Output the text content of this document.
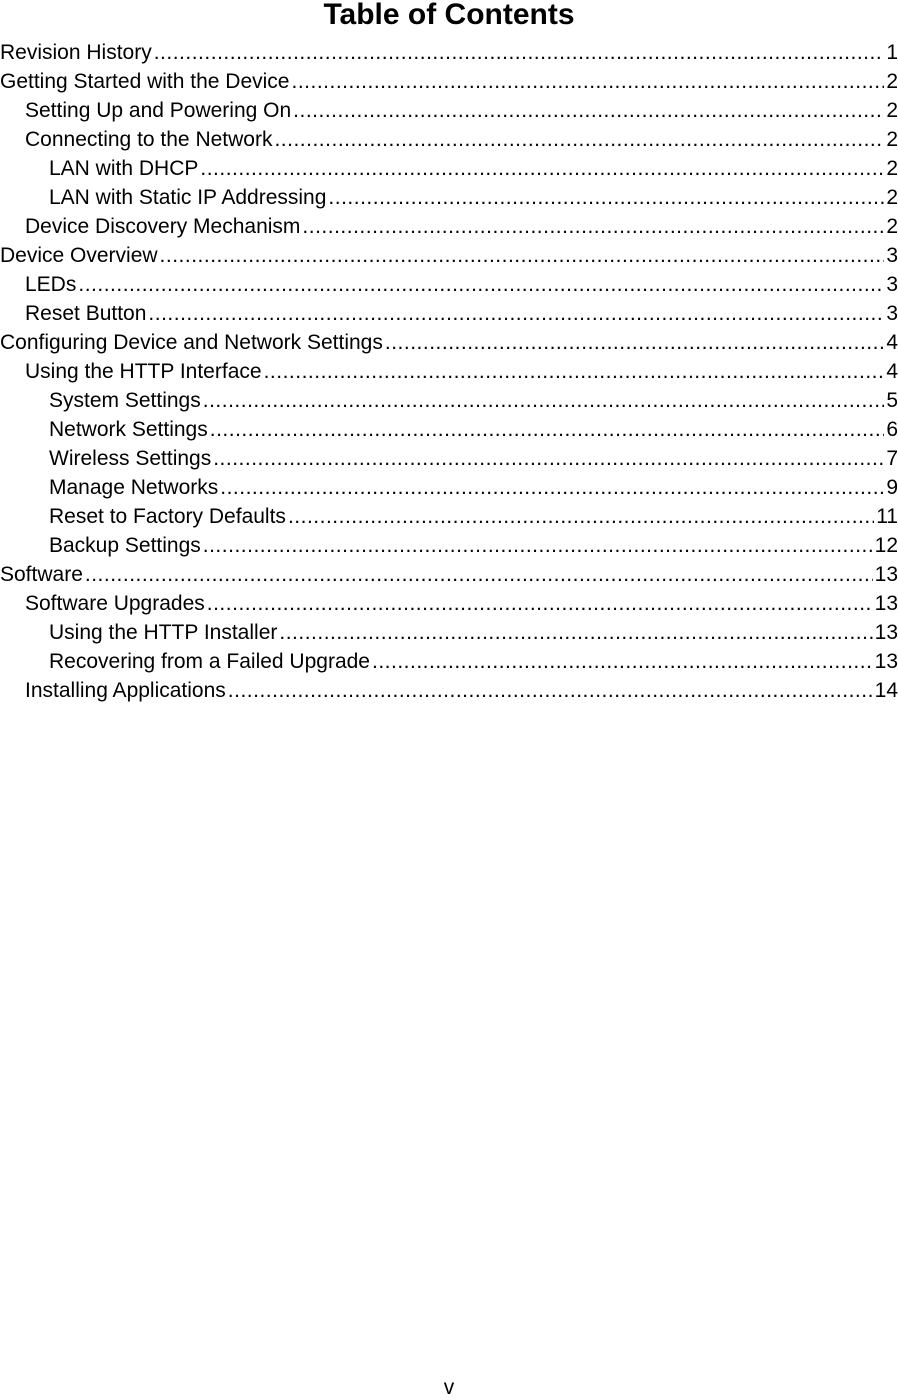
Table of Contents
Revision History .....	1
Getting Started with the Device .....	2
Setting Up and Powering On .....	2
Connecting to the Network .....	2
LAN with DHCP .....	2
LAN with Static IP Addressing .....	2
Device Discovery Mechanism .....	2
Device Overview .....	3
LEDs .....	3
Reset Button .....	3
Configuring Device and Network Settings .....	4
Using the HTTP Interface .....	4
System Settings .....	5
Network Settings .....	6
Wireless Settings .....	7
Manage Networks .....	9
Reset to Factory Defaults .....	11
Backup Settings .....	12
Software .....	13
Software Upgrades .....	13
Using the HTTP Installer .....	13
Recovering from a Failed Upgrade .....	13
Installing Applications .....	14
v
